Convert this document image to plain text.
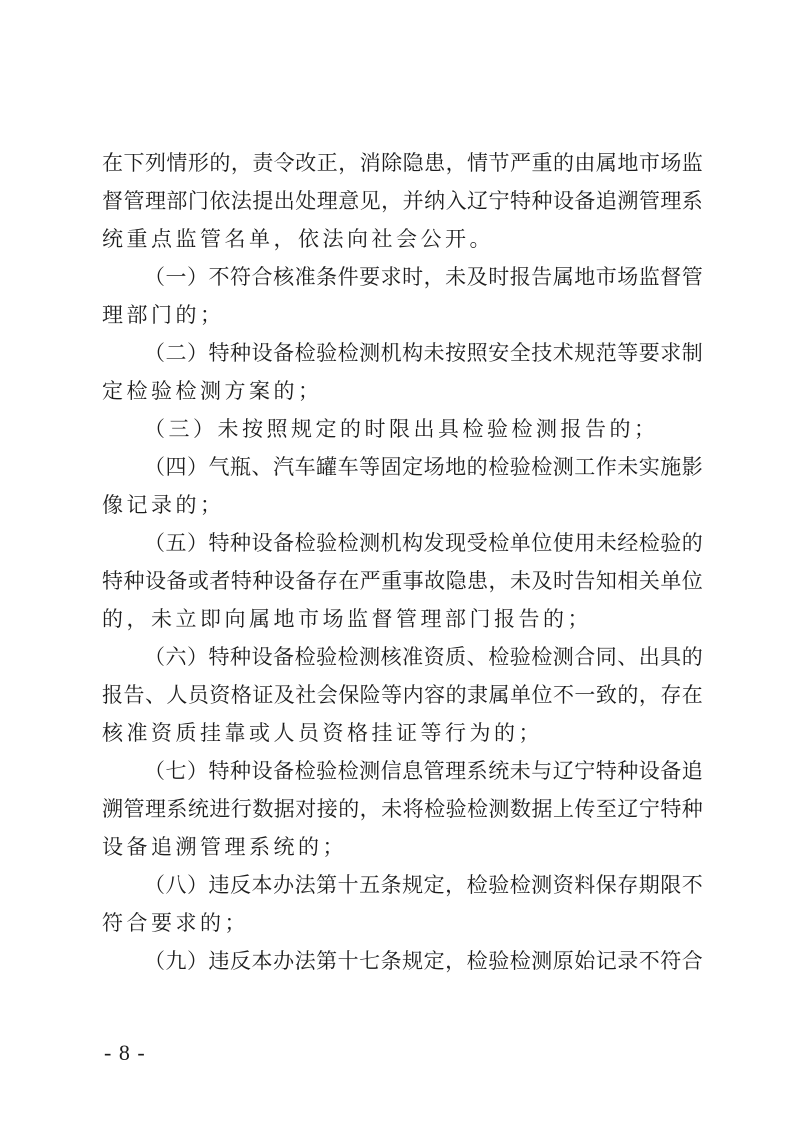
在下列情形的，责令改正，消除隐患，情节严重的由属地市场监
督管理部门依法提出处理意见，并纳入辽宁特种设备追溯管理系
统重点监管名单，依法向社会公开。
（一）不符合核准条件要求时，未及时报告属地市场监督管
理部门的；
（二）特种设备检验检测机构未按照安全技术规范等要求制
定检验检测方案的；
（三）未按照规定的时限出具检验检测报告的；
（四）气瓶、汽车罐车等固定场地的检验检测工作未实施影
像记录的；
（五）特种设备检验检测机构发现受检单位使用未经检验的
特种设备或者特种设备存在严重事故隐患，未及时告知相关单位
的，未立即向属地市场监督管理部门报告的；
（六）特种设备检验检测核准资质、检验检测合同、出具的
报告、人员资格证及社会保险等内容的隶属单位不一致的，存在
核准资质挂靠或人员资格挂证等行为的；
（七）特种设备检验检测信息管理系统未与辽宁特种设备追
溯管理系统进行数据对接的，未将检验检测数据上传至辽宁特种
设备追溯管理系统的；
（八）违反本办法第十五条规定，检验检测资料保存期限不
符合要求的；
（九）违反本办法第十七条规定，检验检测原始记录不符合
- 8 -
